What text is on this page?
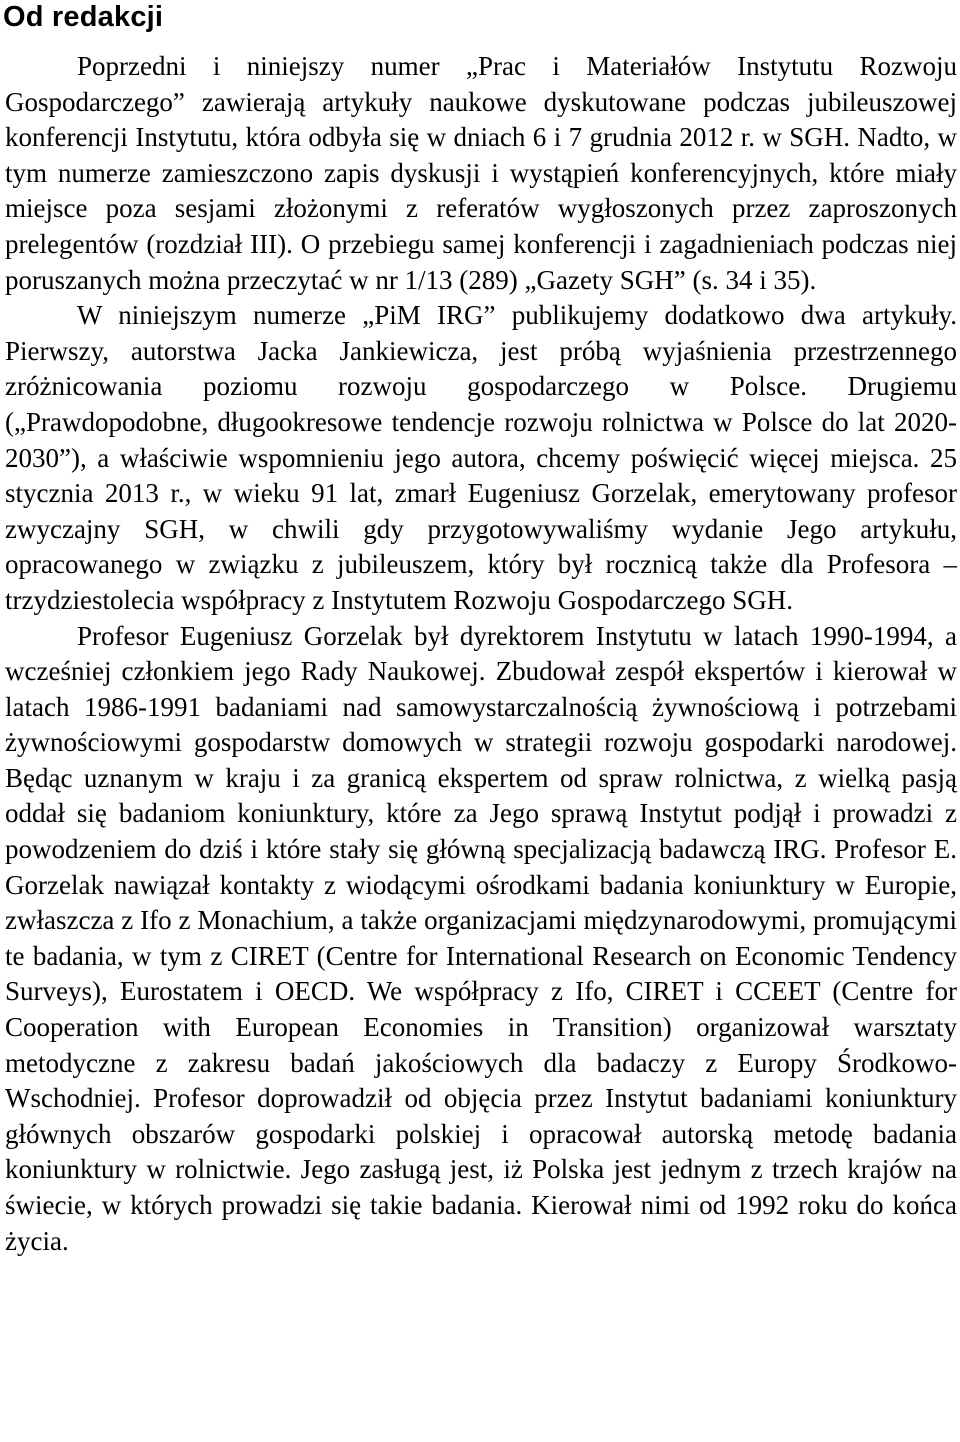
Od redakcji

Poprzedni i niniejszy numer „Prac i Materiałów Instytutu Rozwoju Gospodarczego” zawierają artykuły naukowe dyskutowane podczas jubileuszowej konferencji Instytutu, która odbyła się w dniach 6 i 7 grudnia 2012 r. w SGH. Nadto, w tym numerze zamieszczono zapis dyskusji i wystąpień konferencyjnych, które miały miejsce poza sesjami złożonymi z referatów wygłoszonych przez zaproszonych prelegentów (rozdział III). O przebiegu samej konferencji i zagadnieniach podczas niej poruszanych można przeczytać w nr 1/13 (289) „Gazety SGH” (s. 34 i 35).

W niniejszym numerze „PiM IRG” publikujemy dodatkowo dwa artykuły. Pierwszy, autorstwa Jacka Jankiewicza, jest próbą wyjaśnienia przestrzennego zróżnicowania poziomu rozwoju gospodarczego w Polsce. Drugiemu („Prawdopodobne, długookresowe tendencje rozwoju rolnictwa w Polsce do lat 2020-2030”), a właściwie wspomnieniu jego autora, chcemy poświęcić więcej miejsca. 25 stycznia 2013 r., w wieku 91 lat, zmarł Eugeniusz Gorzelak, emerytowany profesor zwyczajny SGH, w chwili gdy przygotowywaliśmy wydanie Jego artykułu, opracowanego w związku z jubileuszem, który był rocznicą także dla Profesora – trzydziestolecia współpracy z Instytutem Rozwoju Gospodarczego SGH.

Profesor Eugeniusz Gorzelak był dyrektorem Instytutu w latach 1990-1994, a wcześniej członkiem jego Rady Naukowej. Zbudował zespół ekspertów i kierował w latach 1986-1991 badaniami nad samowystarczalnością żywnościową i potrzebami żywnościowymi gospodarstw domowych w strategii rozwoju gospodarki narodowej. Będąc uznanym w kraju i za granicą ekspertem od spraw rolnictwa, z wielką pasją oddał się badaniom koniunktury, które za Jego sprawą Instytut podjął i prowadzi z powodzeniem do dziś i które stały się główną specjalizacją badawczą IRG. Profesor E. Gorzelak nawiązał kontakty z wiodącymi ośrodkami badania koniunktury w Europie, zwłaszcza z Ifo z Monachium, a także organizacjami międzynarodowymi, promującymi te badania, w tym z CIRET (Centre for International Research on Economic Tendency Surveys), Eurostatem i OECD. We współpracy z Ifo, CIRET i CCEET (Centre for Cooperation with European Economies in Transition) organizował warsztaty metodyczne z zakresu badań jakościowych dla badaczy z Europy Środkowo-Wschodniej. Profesor doprowadził od objęcia przez Instytut badaniami koniunktury głównych obszarów gospodarki polskiej i opracował autorską metodę badania koniunktury w rolnictwie. Jego zasługą jest, iż Polska jest jednym z trzech krajów na świecie, w których prowadzi się takie badania. Kierował nimi od 1992 roku do końca życia.
